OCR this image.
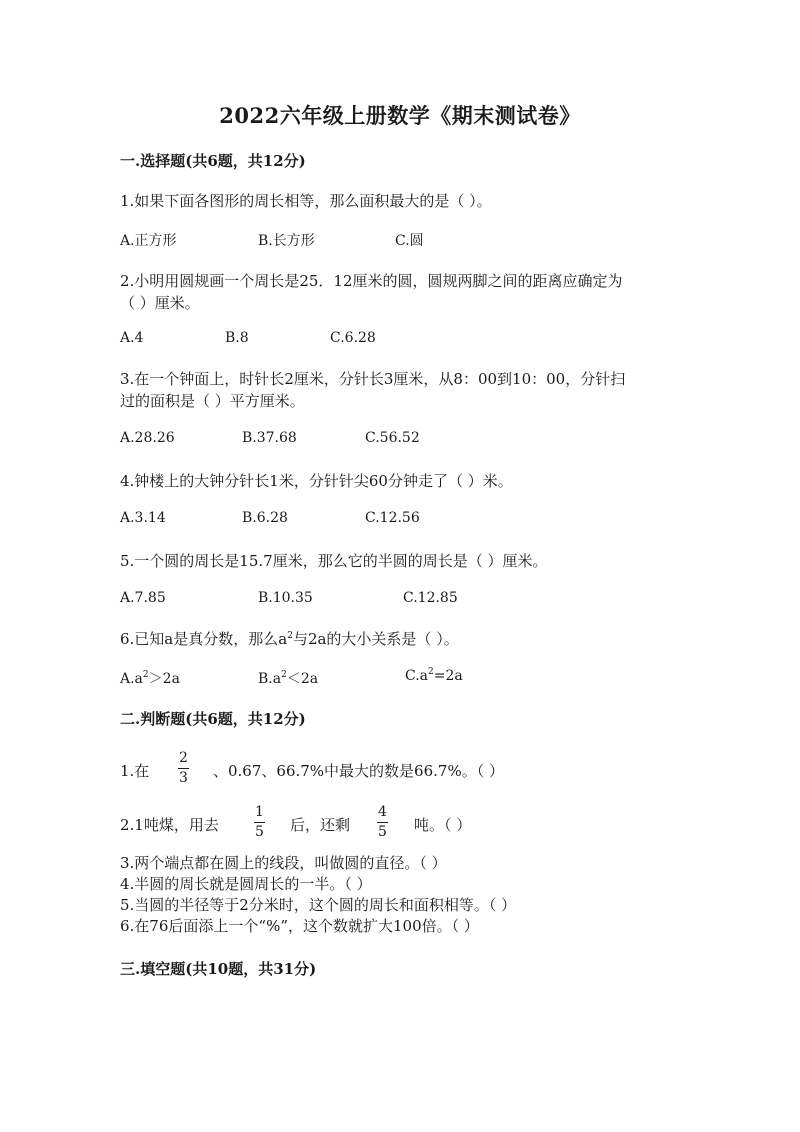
2022六年级上册数学《期末测试卷》
一.选择题(共6题，共12分)
1.如果下面各图形的周长相等，那么面积最大的是（ ）。
A.正方形	B.长方形	C.圆
2.小明用圆规画一个周长是25．12厘米的圆，圆规两脚之间的距离应确定为
（ ）厘米。
A.4	B.8	C.6.28
3.在一个钟面上，时针长2厘米，分针长3厘米，从8：00到10：00，分针扫
过的面积是（ ）平方厘米。
A.28.26	B.37.68	C.56.52
4.钟楼上的大钟分针长1米，分针针尖60分钟走了（ ）米。
A.3.14	B.6.28	C.12.56
5.一个圆的周长是15.7厘米，那么它的半圆的周长是（ ）厘米。
A.7.85	B.10.35	C.12.85
6.已知a是真分数，那么$a^2$与2a的大小关系是（ ）。
$A.a^2>2a$	$B.a^2<2a$	$C.a^2=2a$
二.判断题(共6题，共12分)
1.在
2
3 、0.67、66.7%中最大的数是66.7%。（ ）
2.1吨煤，用去
1
5 后，还剩
4
5 吨。（ ）
3.两个端点都在圆上的线段，叫做圆的直径。（ ）
4.半圆的周长就是圆周长的一半。（ ）
5.当圆的半径等于2分米时，这个圆的周长和面积相等。（ ）
6.在76后面添上一个“%”，这个数就扩大100倍。（ ）
三.填空题(共10题，共31分)
